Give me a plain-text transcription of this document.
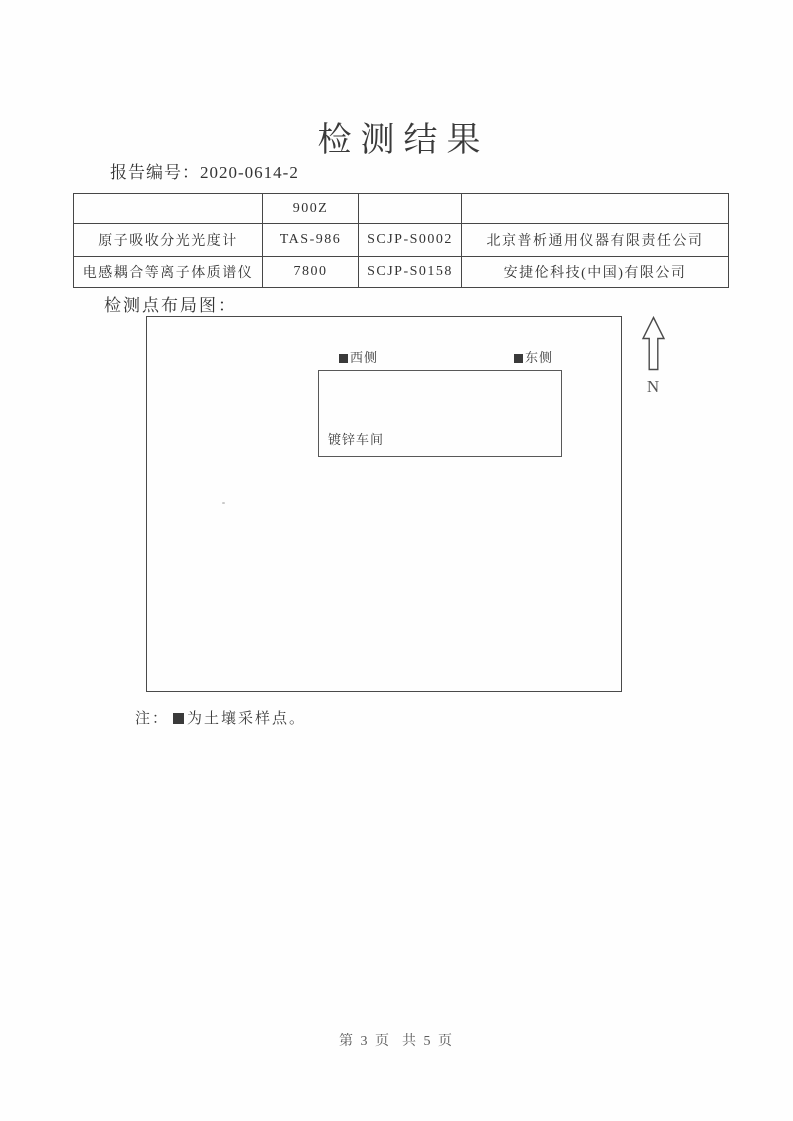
检测结果
报告编号：2020-0614-2
	900Z		
原子吸收分光光度计	TAS-986	SCJP-S0002	北京普析通用仪器有限责任公司
电感耦合等离子体质谱仪	7800	SCJP-S0158	安捷伦科技(中国)有限公司
检测点布局图：
西侧	东侧
镀锌车间
N
注： 为土壤采样点。
第 3 页  共 5 页
